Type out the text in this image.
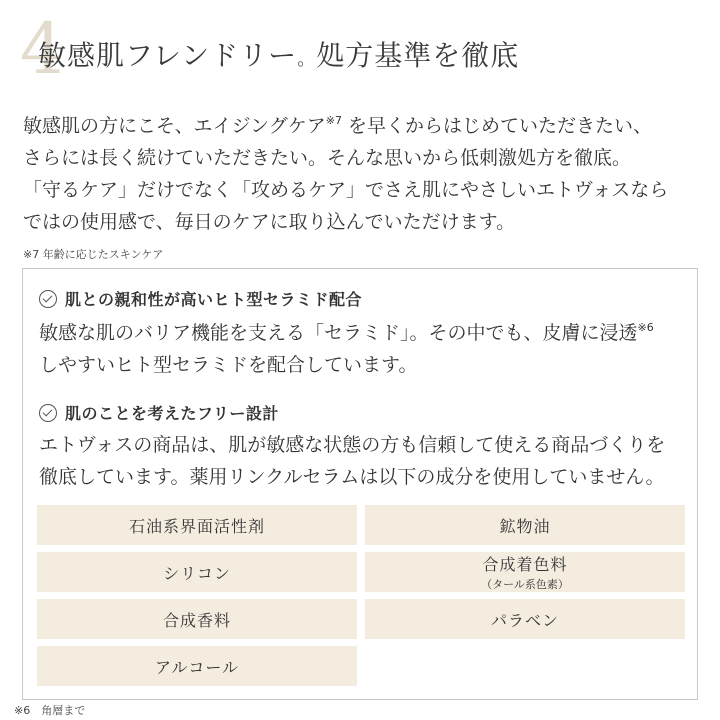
4
敏感肌フレンドリー。処方基準を徹底
敏感肌の方にこそ、エイジングケア$^{※7}$ を早くからはじめていただきたい、
さらには長く続けていただきたい。そんな思いから低刺激処方を徹底。
「守るケア」だけでなく「攻めるケア」でさえ肌にやさしいエトヴォスなら
ではの使用感で、毎日のケアに取り込んでいただけます。
※7 年齢に応じたスキンケア
肌との親和性が高いヒト型セラミド配合
敏感な肌のバリア機能を支える「セラミド」。その中でも、皮膚に浸透$^{※6}$
しやすいヒト型セラミドを配合しています。
肌のことを考えたフリー設計
エトヴォスの商品は、肌が敏感な状態の方も信頼して使える商品づくりを
徹底しています。薬用リンクルセラムは以下の成分を使用していません。
石油系界面活性剤	鉱物油
シリコン	合成着色料
（タール系色素）
合成香料	パラベン
アルコール
※6　角層まで
